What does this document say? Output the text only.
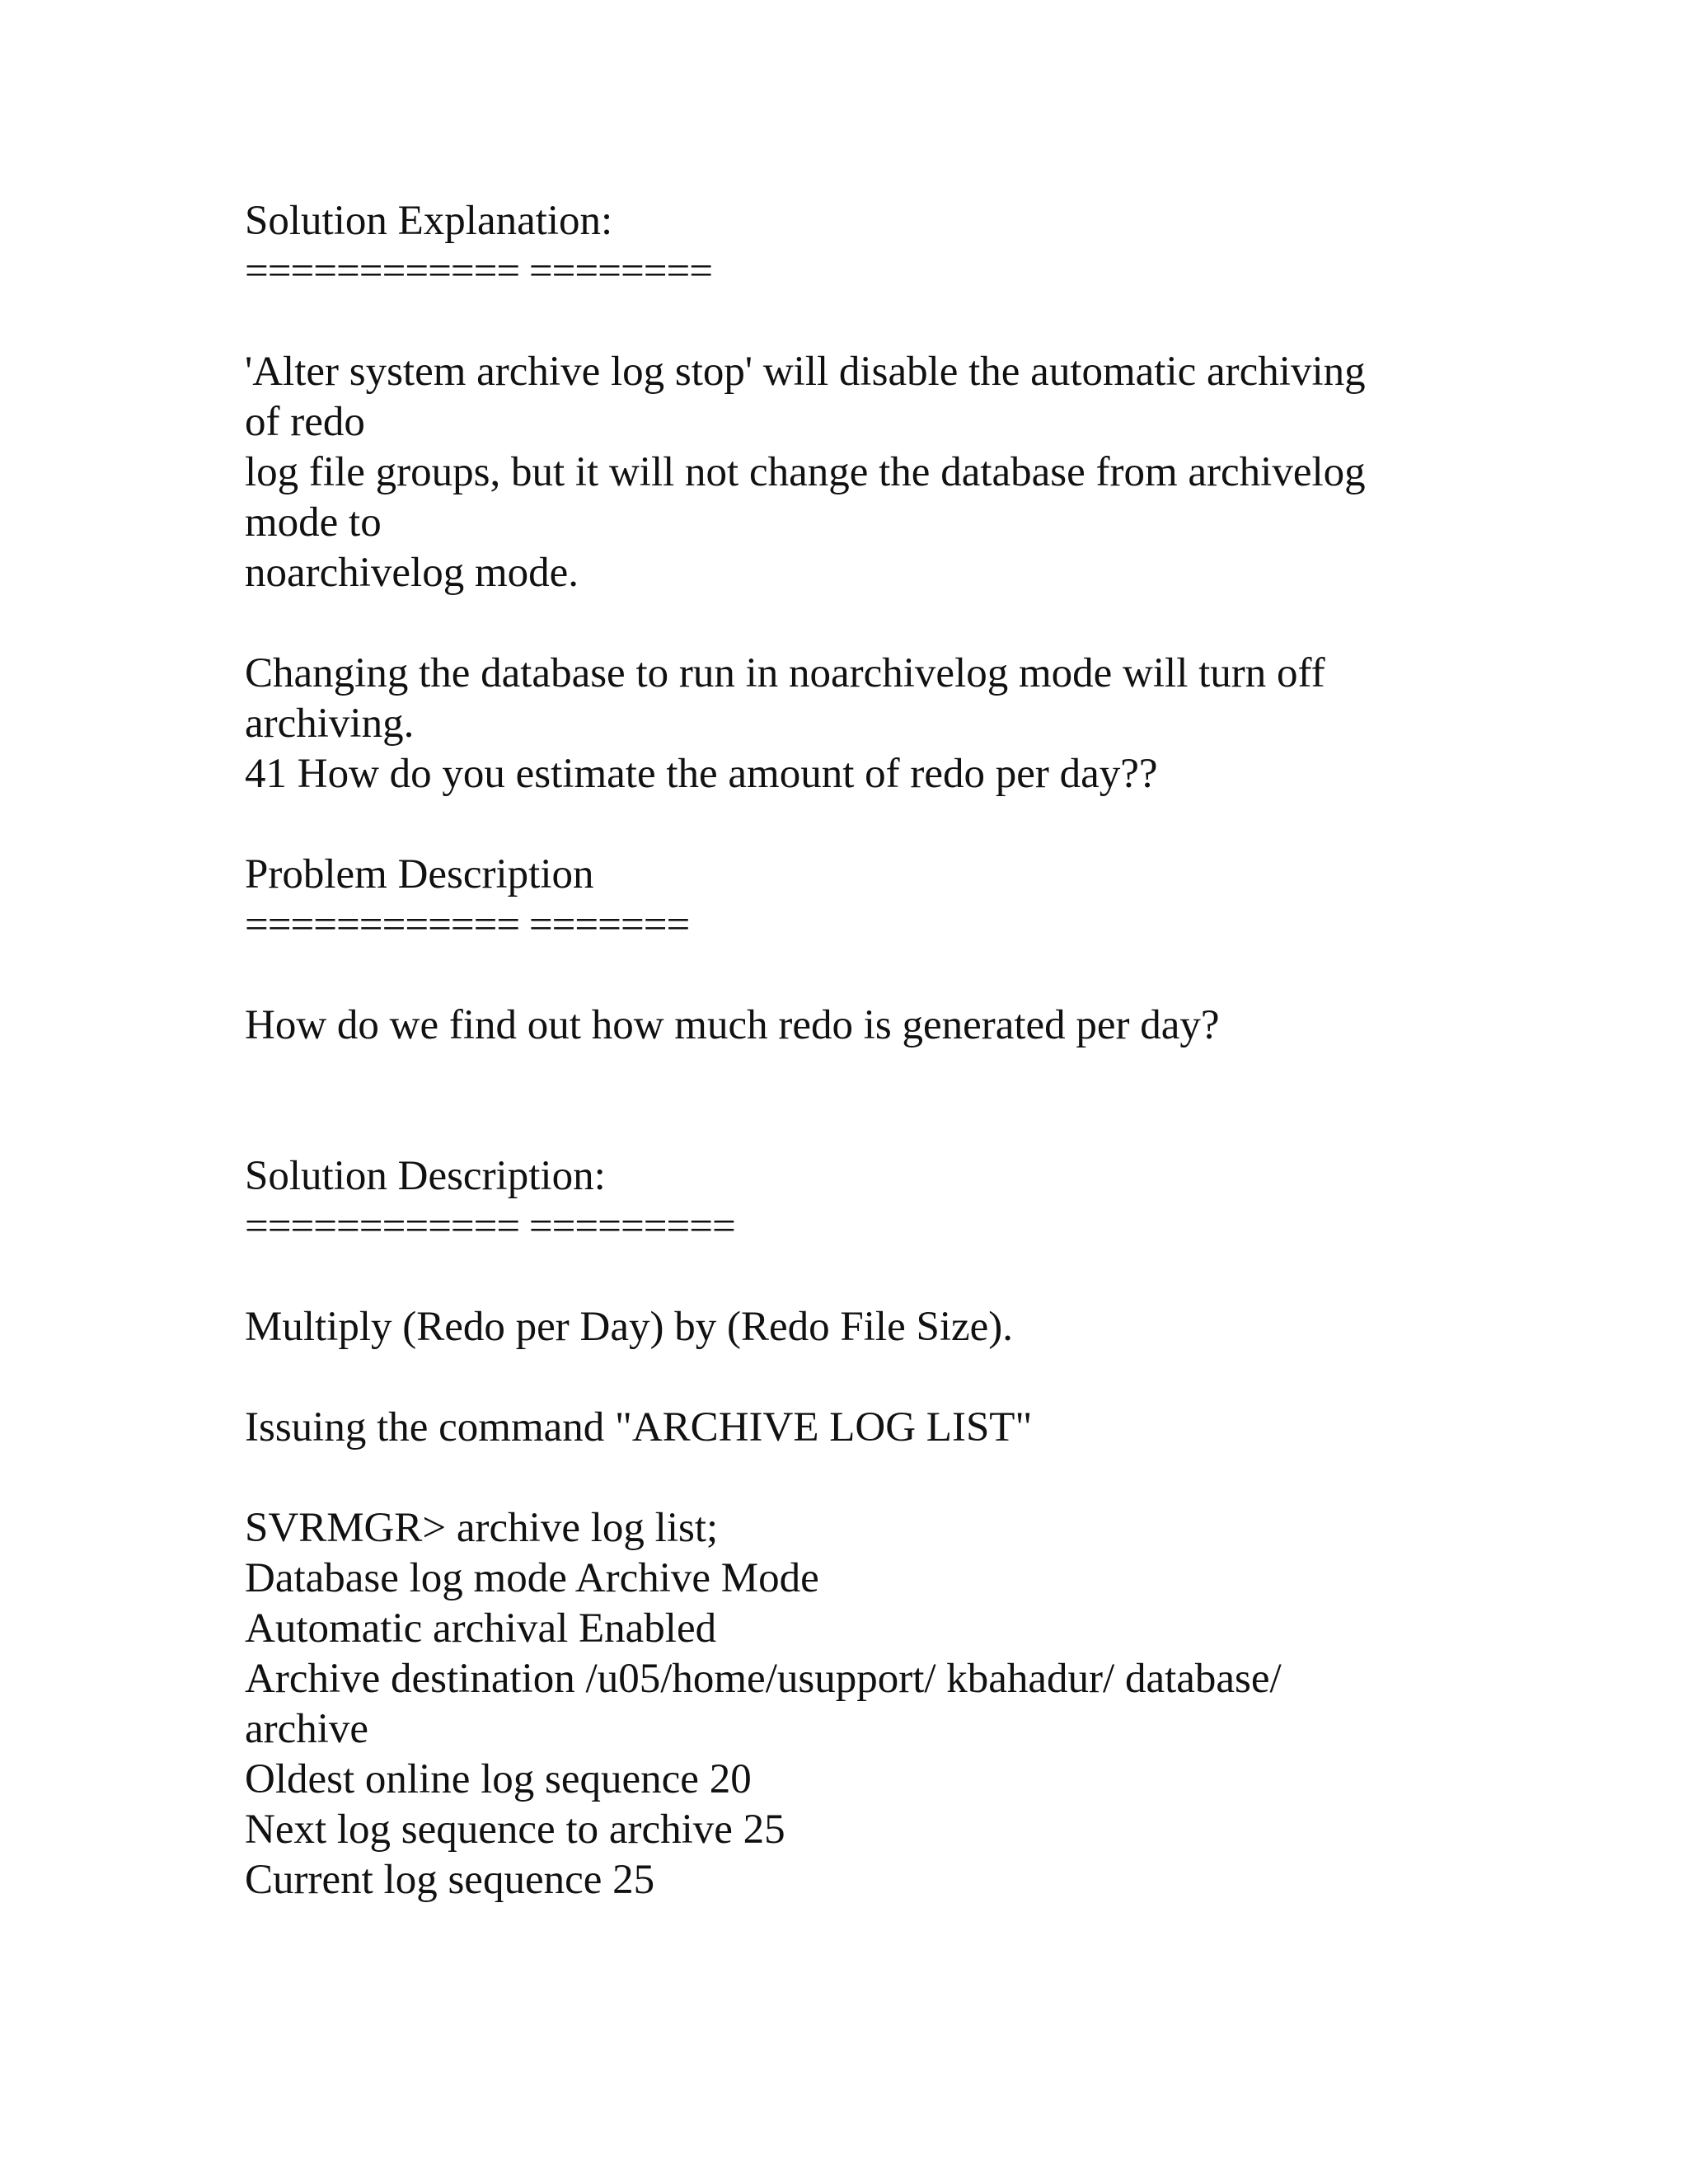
Solution Explanation:
============ ========
'Alter system archive log stop' will disable the automatic archiving
of redo
log file groups, but it will not change the database from archivelog
mode to
noarchivelog mode.
Changing the database to run in noarchivelog mode will turn off
archiving.
41 How do you estimate the amount of redo per day??
Problem Description
============ =======
How do we find out how much redo is generated per day?
Solution Description:
============ =========
Multiply (Redo per Day) by (Redo File Size).
Issuing the command "ARCHIVE LOG LIST"
SVRMGR> archive log list;
Database log mode Archive Mode
Automatic archival Enabled
Archive destination /u05/home/usupport/ kbahadur/ database/
archive
Oldest online log sequence 20
Next log sequence to archive 25
Current log sequence 25
